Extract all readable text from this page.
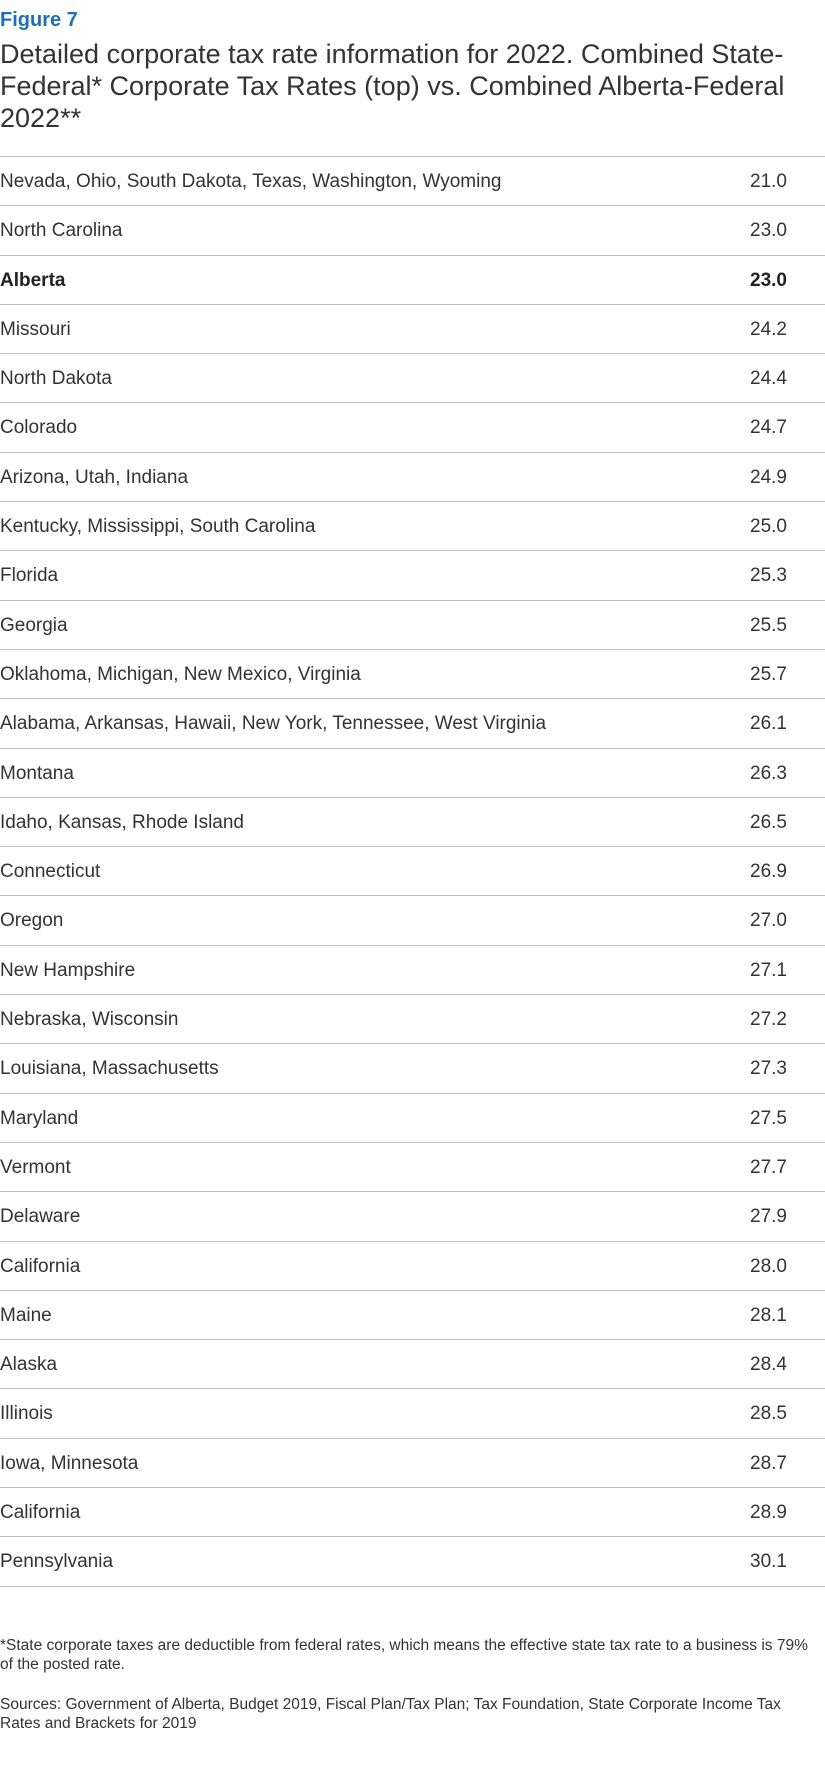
Figure 7
Detailed corporate tax rate information for 2022. Combined State-Federal* Corporate Tax Rates (top) vs. Combined Alberta-Federal 2022**
Nevada, Ohio, South Dakota, Texas, Washington, Wyoming	21.0
North Carolina	23.0
Alberta	23.0
Missouri	24.2
North Dakota	24.4
Colorado	24.7
Arizona, Utah, Indiana	24.9
Kentucky, Mississippi, South Carolina	25.0
Florida	25.3
Georgia	25.5
Oklahoma, Michigan, New Mexico, Virginia	25.7
Alabama, Arkansas, Hawaii, New York, Tennessee, West Virginia	26.1
Montana	26.3
Idaho, Kansas, Rhode Island	26.5
Connecticut	26.9
Oregon	27.0
New Hampshire	27.1
Nebraska, Wisconsin	27.2
Louisiana, Massachusetts	27.3
Maryland	27.5
Vermont	27.7
Delaware	27.9
California	28.0
Maine	28.1
Alaska	28.4
Illinois	28.5
Iowa, Minnesota	28.7
California	28.9
Pennsylvania	30.1
*State corporate taxes are deductible from federal rates, which means the effective state tax rate to a business is 79% of the posted rate.
Sources: Government of Alberta, Budget 2019, Fiscal Plan/Tax Plan; Tax Foundation, State Corporate Income Tax Rates and Brackets for 2019
